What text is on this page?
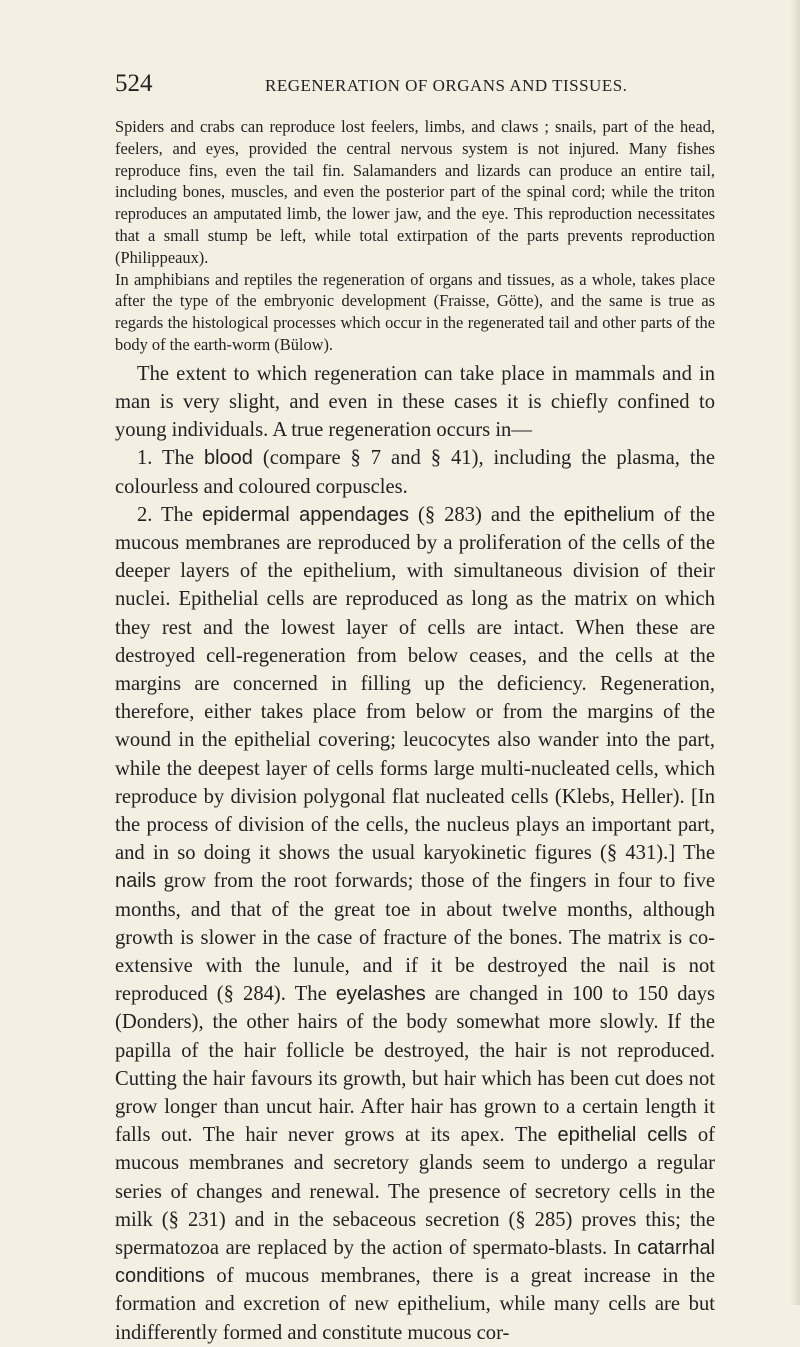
524	REGENERATION OF ORGANS AND TISSUES.

Spiders and crabs can reproduce lost feelers, limbs, and claws ; snails, part of the head, feelers, and eyes, provided the central nervous system is not injured. Many fishes reproduce fins, even the tail fin. Salamanders and lizards can produce an entire tail, including bones, muscles, and even the posterior part of the spinal cord; while the triton reproduces an amputated limb, the lower jaw, and the eye. This reproduction necessitates that a small stump be left, while total extirpation of the parts prevents reproduction (Philippeaux).

In amphibians and reptiles the regeneration of organs and tissues, as a whole, takes place after the type of the embryonic development (Fraisse, Götte), and the same is true as regards the histological processes which occur in the regenerated tail and other parts of the body of the earth-worm (Bülow).

The extent to which regeneration can take place in mammals and in man is very slight, and even in these cases it is chiefly confined to young individuals. A true regeneration occurs in—

1. The blood (compare § 7 and § 41), including the plasma, the colourless and coloured corpuscles.

2. The epidermal appendages (§ 283) and the epithelium of the mucous membranes are reproduced by a proliferation of the cells of the deeper layers of the epithelium, with simultaneous division of their nuclei. Epithelial cells are reproduced as long as the matrix on which they rest and the lowest layer of cells are intact. When these are destroyed cell-regeneration from below ceases, and the cells at the margins are concerned in filling up the deficiency. Regeneration, therefore, either takes place from below or from the margins of the wound in the epithelial covering; leucocytes also wander into the part, while the deepest layer of cells forms large multi-nucleated cells, which reproduce by division polygonal flat nucleated cells (Klebs, Heller). [In the process of division of the cells, the nucleus plays an important part, and in so doing it shows the usual karyokinetic figures (§ 431).] The nails grow from the root forwards; those of the fingers in four to five months, and that of the great toe in about twelve months, although growth is slower in the case of fracture of the bones. The matrix is co-extensive with the lunule, and if it be destroyed the nail is not reproduced (§ 284). The eyelashes are changed in 100 to 150 days (Donders), the other hairs of the body somewhat more slowly. If the papilla of the hair follicle be destroyed, the hair is not reproduced. Cutting the hair favours its growth, but hair which has been cut does not grow longer than uncut hair. After hair has grown to a certain length it falls out. The hair never grows at its apex. The epithelial cells of mucous membranes and secretory glands seem to undergo a regular series of changes and renewal. The presence of secretory cells in the milk (§ 231) and in the sebaceous secretion (§ 285) proves this; the spermatozoa are replaced by the action of spermato-blasts. In catarrhal conditions of mucous membranes, there is a great increase in the formation and excretion of new epithelium, while many cells are but indifferently formed and constitute mucous cor-
